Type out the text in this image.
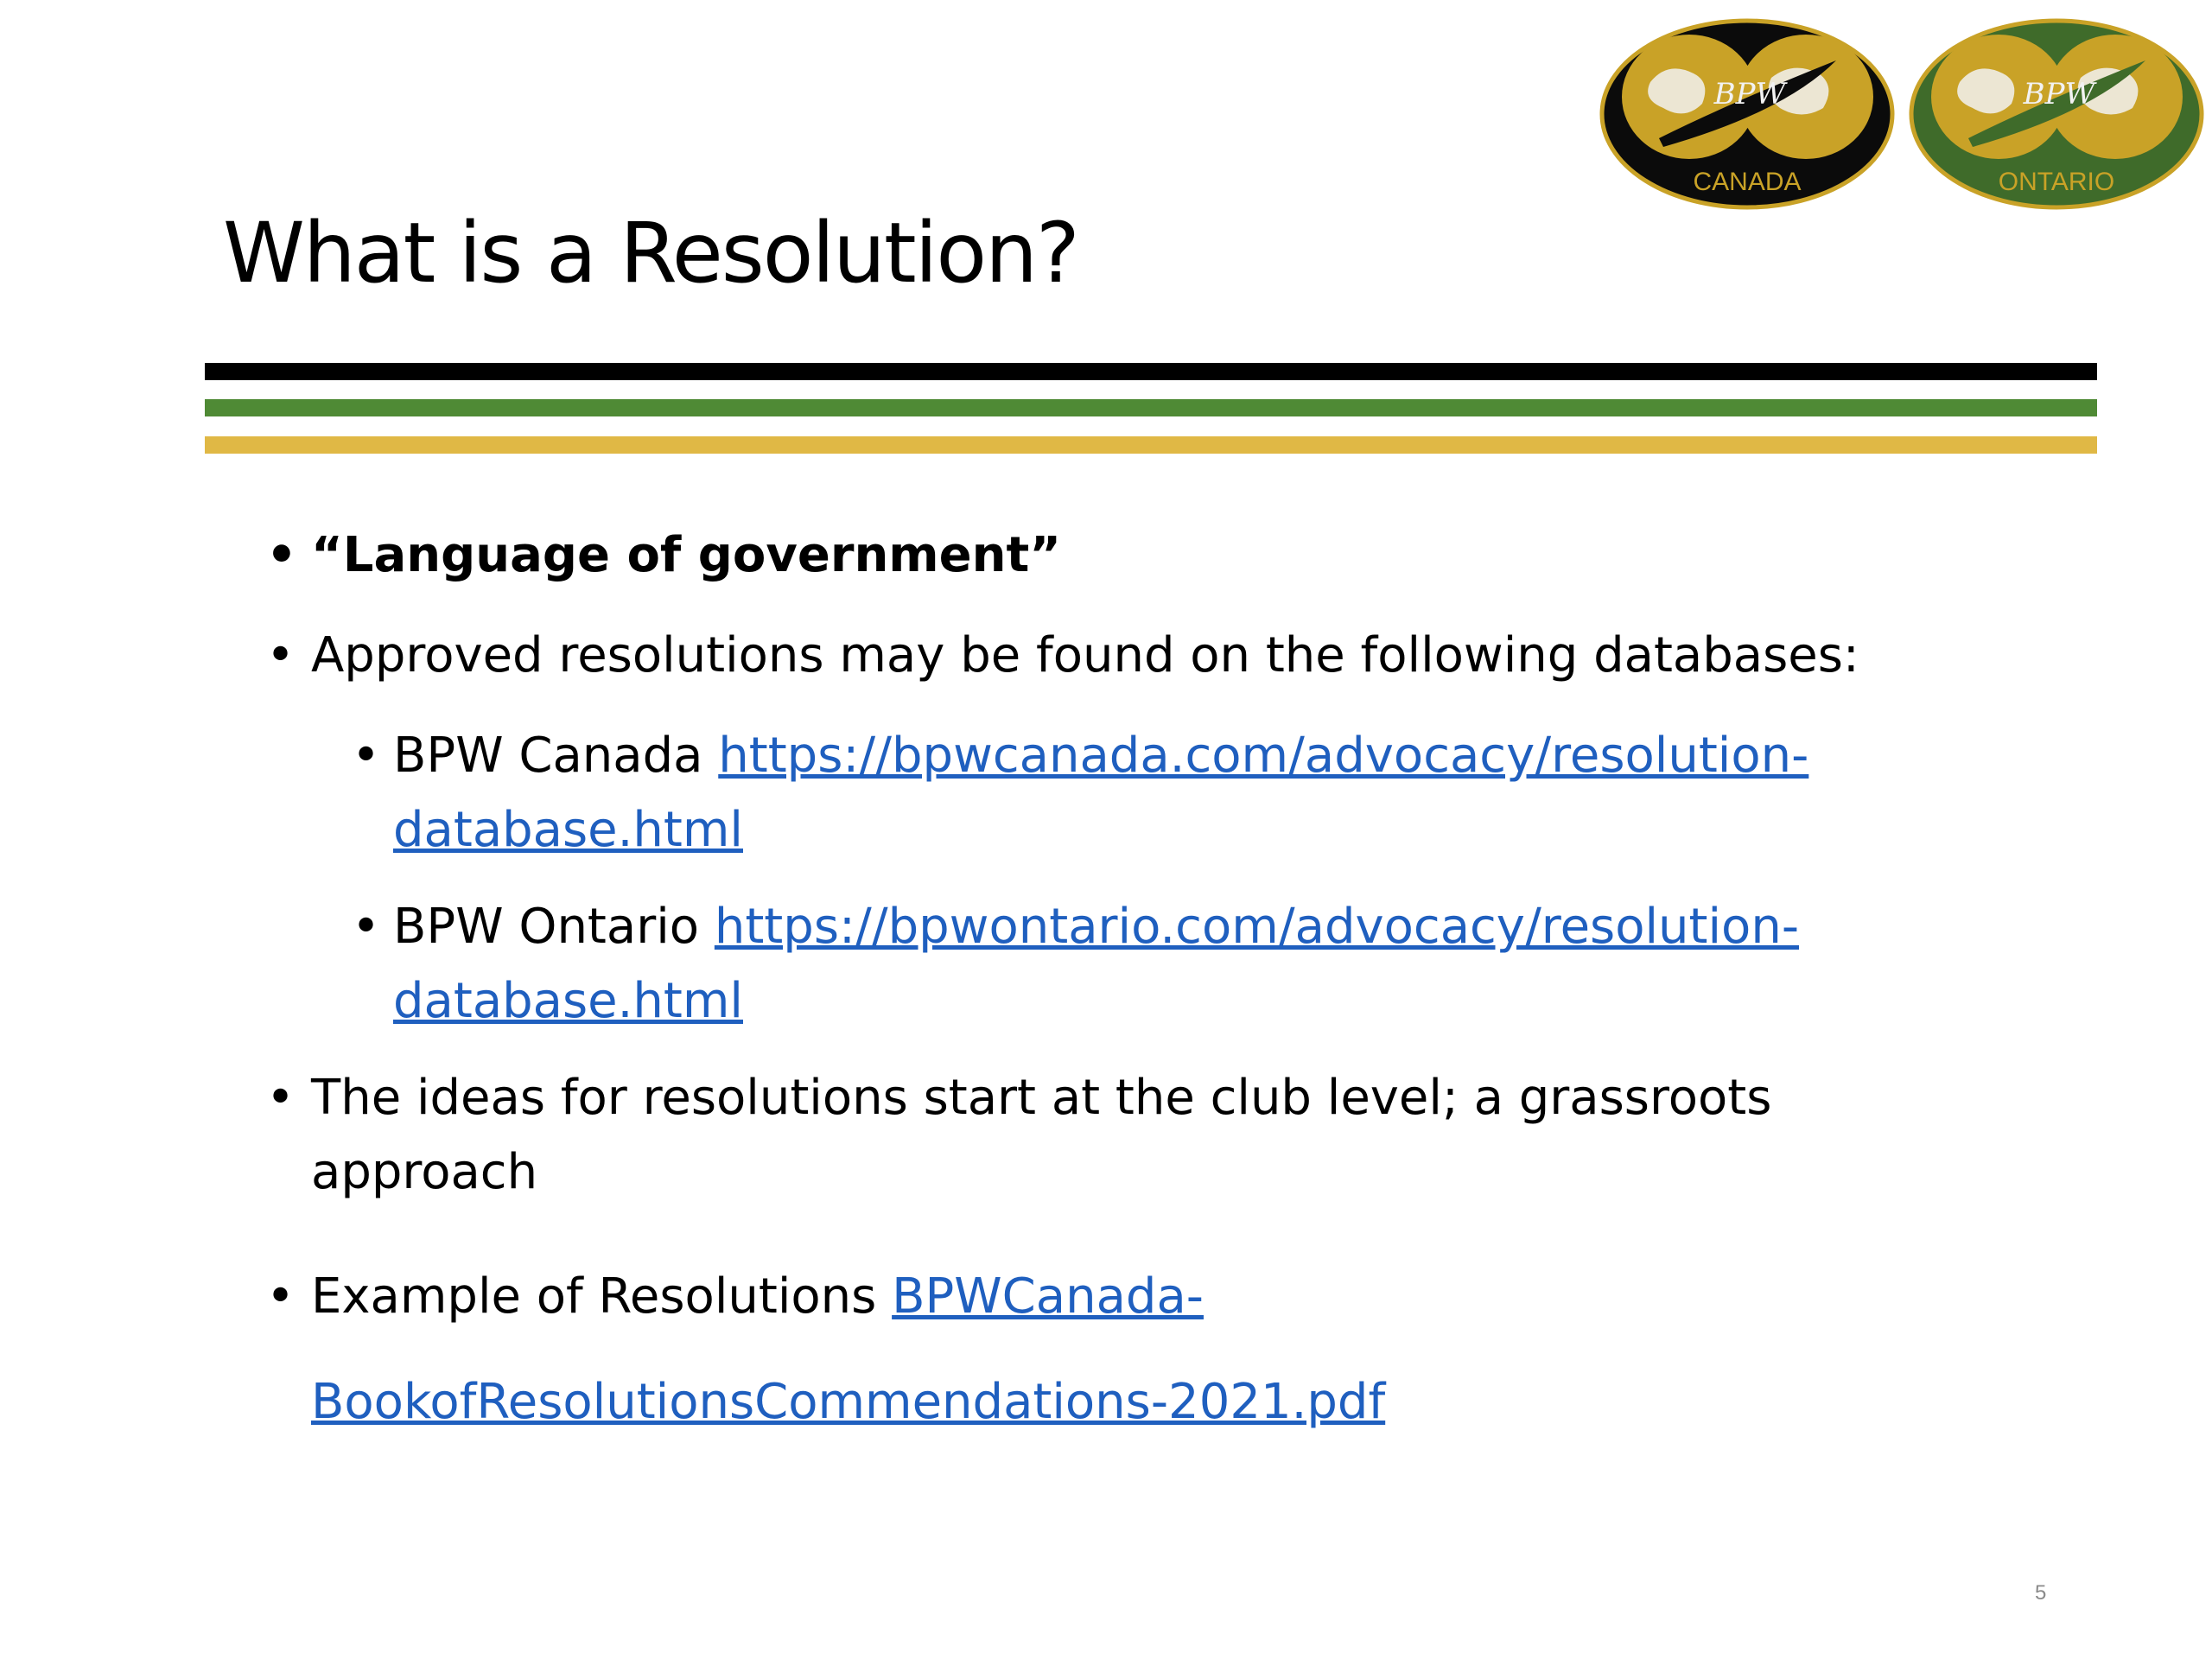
BPW
CANADA
BPW
ONTARIO
What is a Resolution?
• “Language of government”
• Approved resolutions may be found on the following databases:
• BPW Canada https://bpwcanada.com/advocacy/resolution-database.html
• BPW Ontario https://bpwontario.com/advocacy/resolution-database.html
• The ideas for resolutions start at the club level; a grassroots approach
• Example of Resolutions BPWCanada-BookofResolutionsCommendations-2021.pdf
5
